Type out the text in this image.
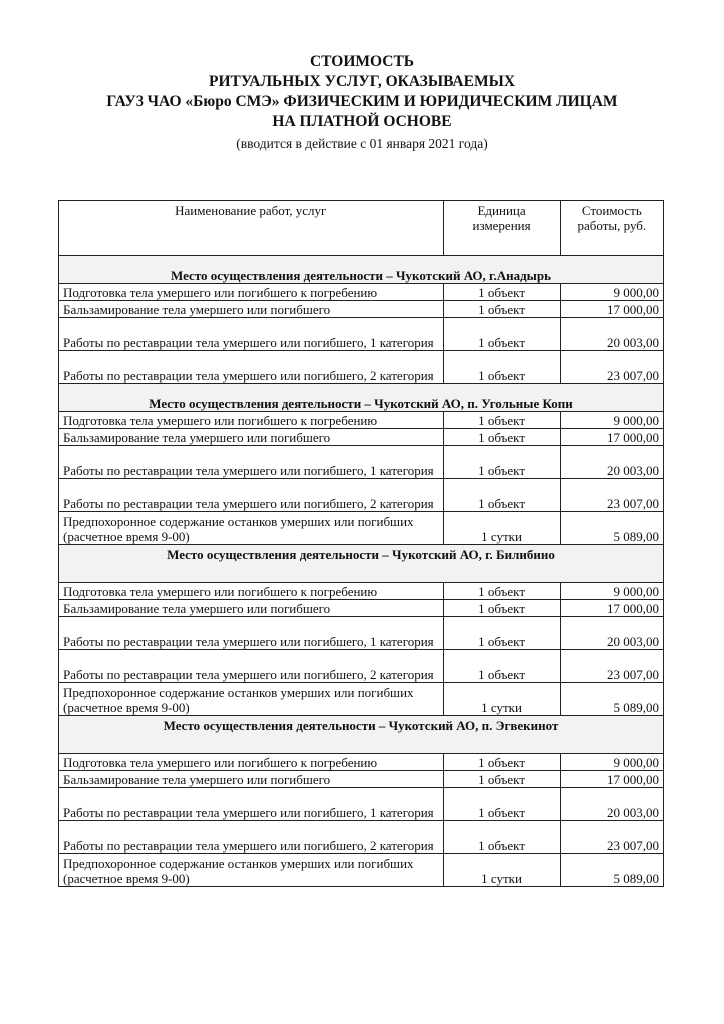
СТОИМОСТЬ
РИТУАЛЬНЫХ УСЛУГ, ОКАЗЫВАЕМЫХ
ГАУЗ ЧАО «Бюро СМЭ» ФИЗИЧЕСКИМ И ЮРИДИЧЕСКИМ ЛИЦАМ
НА ПЛАТНОЙ ОСНОВЕ
(вводится в действие с 01 января 2021 года)
Наименование работ, услуг	Единица измерения	Стоимость работы, руб.
Место осуществления деятельности – Чукотский АО, г.Анадырь		
Подготовка тела умершего или погибшего к погребению	1 объект	9 000,00
Бальзамирование тела умершего или погибшего	1 объект	17 000,00
Работы по реставрации тела умершего или погибшего, 1 категория	1 объект	20 003,00
Работы по реставрации тела умершего или погибшего, 2 категория	1 объект	23 007,00
Место осуществления деятельности – Чукотский АО, п. Угольные Копи		
Подготовка тела умершего или погибшего к погребению	1 объект	9 000,00
Бальзамирование тела умершего или погибшего	1 объект	17 000,00
Работы по реставрации тела умершего или погибшего, 1 категория	1 объект	20 003,00
Работы по реставрации тела умершего или погибшего, 2 категория	1 объект	23 007,00
Предпохоронное содержание останков умерших или погибших (расчетное время 9-00)	1 сутки	5 089,00
Место осуществления деятельности – Чукотский АО, г. Билибино		
Подготовка тела умершего или погибшего к погребению	1 объект	9 000,00
Бальзамирование тела умершего или погибшего	1 объект	17 000,00
Работы по реставрации тела умершего или погибшего, 1 категория	1 объект	20 003,00
Работы по реставрации тела умершего или погибшего, 2 категория	1 объект	23 007,00
Предпохоронное содержание останков умерших или погибших (расчетное время 9-00)	1 сутки	5 089,00
Место осуществления деятельности – Чукотский АО, п. Эгвекинот		
Подготовка тела умершего или погибшего к погребению	1 объект	9 000,00
Бальзамирование тела умершего или погибшего	1 объект	17 000,00
Работы по реставрации тела умершего или погибшего, 1 категория	1 объект	20 003,00
Работы по реставрации тела умершего или погибшего, 2 категория	1 объект	23 007,00
Предпохоронное содержание останков умерших или погибших (расчетное время 9-00)	1 сутки	5 089,00
